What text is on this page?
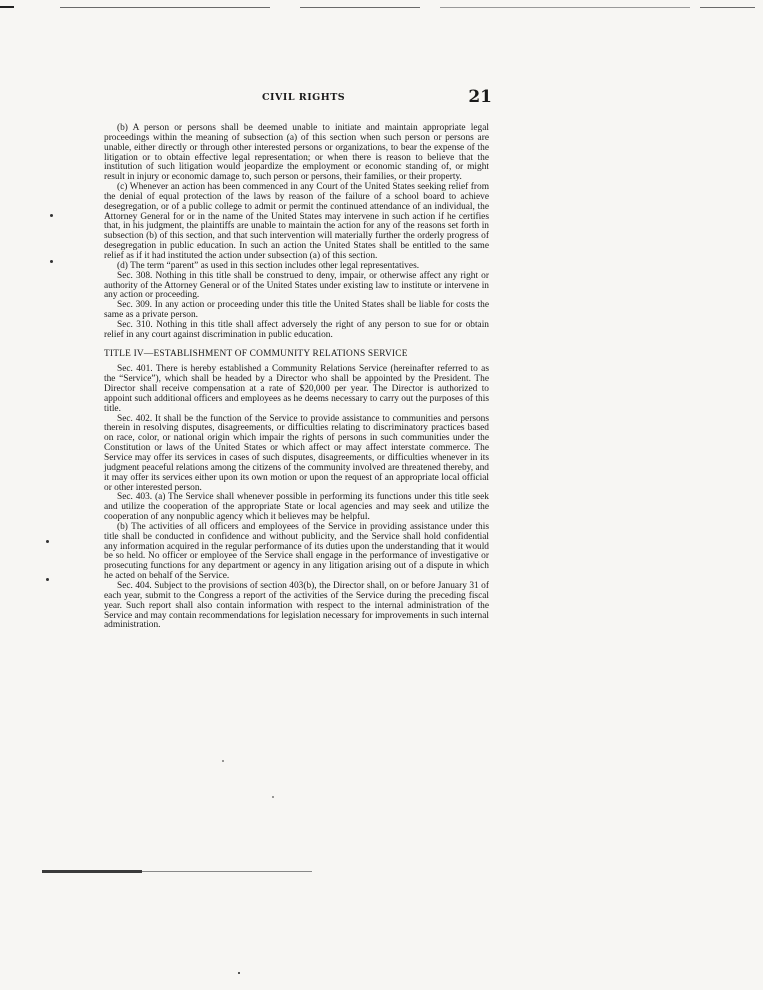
CIVIL RIGHTS	21

(b) A person or persons shall be deemed unable to initiate and maintain appropriate legal proceedings within the meaning of subsection (a) of this section when such person or persons are unable, either directly or through other interested persons or organizations, to bear the expense of the litigation or to obtain effective legal representation; or when there is reason to believe that the institution of such litigation would jeopardize the employment or economic standing of, or might result in injury or economic damage to, such person or persons, their families, or their property.

(c) Whenever an action has been commenced in any Court of the United States seeking relief from the denial of equal protection of the laws by reason of the failure of a school board to achieve desegregation, or of a public college to admit or permit the continued attendance of an individual, the Attorney General for or in the name of the United States may intervene in such action if he certifies that, in his judgment, the plaintiffs are unable to maintain the action for any of the reasons set forth in subsection (b) of this section, and that such intervention will materially further the orderly progress of desegregation in public education. In such an action the United States shall be entitled to the same relief as if it had instituted the action under subsection (a) of this section.

(d) The term “parent” as used in this section includes other legal representatives.

Sec. 308. Nothing in this title shall be construed to deny, impair, or otherwise affect any right or authority of the Attorney General or of the United States under existing law to institute or intervene in any action or proceeding.

Sec. 309. In any action or proceeding under this title the United States shall be liable for costs the same as a private person.

Sec. 310. Nothing in this title shall affect adversely the right of any person to sue for or obtain relief in any court against discrimination in public education.

TITLE IV—ESTABLISHMENT OF COMMUNITY RELATIONS SERVICE

Sec. 401. There is hereby established a Community Relations Service (hereinafter referred to as the “Service”), which shall be headed by a Director who shall be appointed by the President. The Director shall receive compensation at a rate of $20,000 per year. The Director is authorized to appoint such additional officers and employees as he deems necessary to carry out the purposes of this title.

Sec. 402. It shall be the function of the Service to provide assistance to communities and persons therein in resolving disputes, disagreements, or difficulties relating to discriminatory practices based on race, color, or national origin which impair the rights of persons in such communities under the Constitution or laws of the United States or which affect or may affect interstate commerce. The Service may offer its services in cases of such disputes, disagreements, or difficulties whenever in its judgment peaceful relations among the citizens of the community involved are threatened thereby, and it may offer its services either upon its own motion or upon the request of an appropriate local official or other interested person.

Sec. 403. (a) The Service shall whenever possible in performing its functions under this title seek and utilize the cooperation of the appropriate State or local agencies and may seek and utilize the cooperation of any nonpublic agency which it believes may be helpful.

(b) The activities of all officers and employees of the Service in providing assistance under this title shall be conducted in confidence and without publicity, and the Service shall hold confidential any information acquired in the regular performance of its duties upon the understanding that it would be so held. No officer or employee of the Service shall engage in the performance of investigative or prosecuting functions for any department or agency in any litigation arising out of a dispute in which he acted on behalf of the Service.

Sec. 404. Subject to the provisions of section 403(b), the Director shall, on or before January 31 of each year, submit to the Congress a report of the activities of the Service during the preceding fiscal year. Such report shall also contain information with respect to the internal administration of the Service and may contain recommendations for legislation necessary for improvements in such internal administration.
